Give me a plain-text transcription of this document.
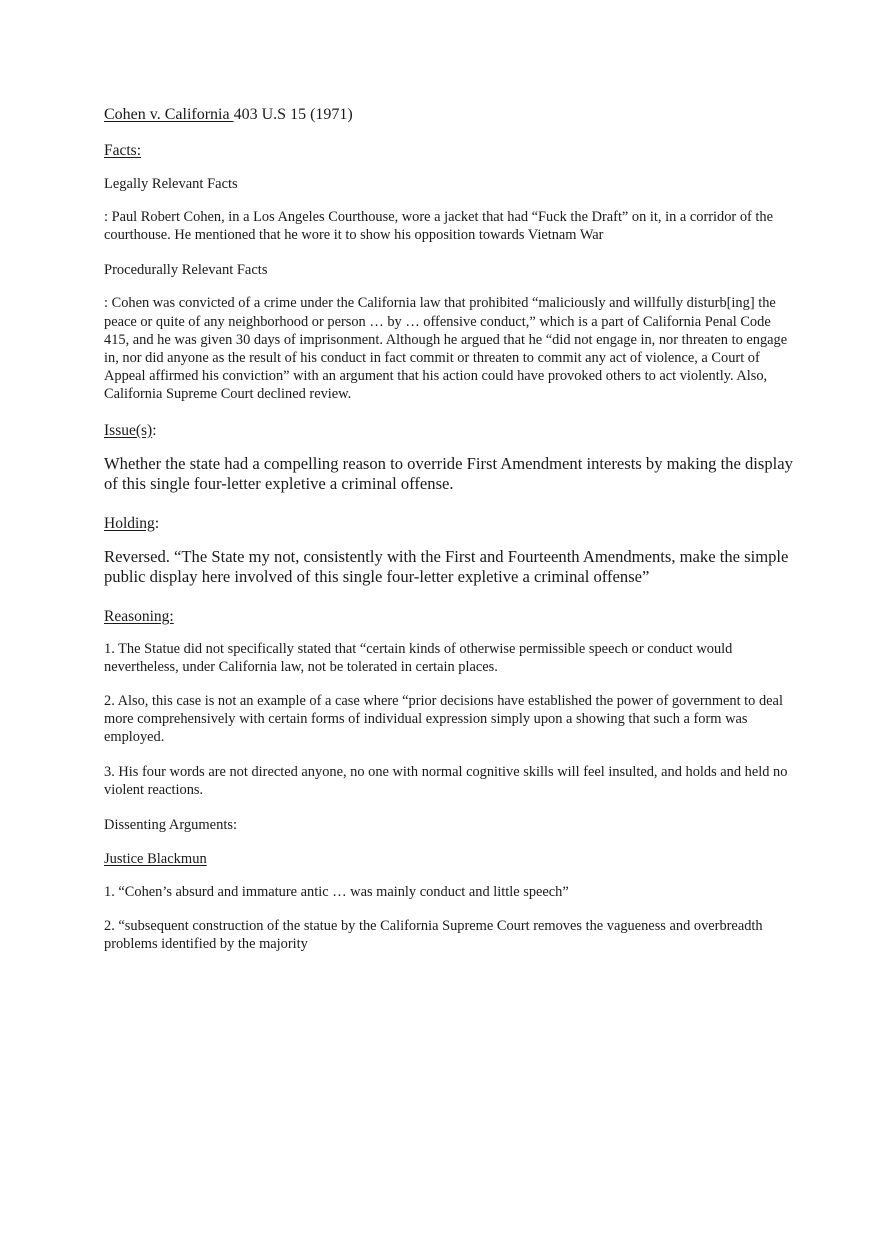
Cohen v. California 403 U.S 15 (1971)

Facts:

Legally Relevant Facts

: Paul Robert Cohen, in a Los Angeles Courthouse, wore a jacket that had “Fuck the Draft” on it, in a corridor of the courthouse. He mentioned that he wore it to show his opposition towards Vietnam War

Procedurally Relevant Facts

: Cohen was convicted of a crime under the California law that prohibited “maliciously and willfully disturb[ing] the peace or quite of any neighborhood or person … by … offensive conduct,” which is a part of California Penal Code 415, and he was given 30 days of imprisonment. Although he argued that he “did not engage in, nor threaten to engage in, nor did anyone as the result of his conduct in fact commit or threaten to commit any act of violence, a Court of Appeal affirmed his conviction” with an argument that his action could have provoked others to act violently. Also, California Supreme Court declined review.

Issue(s):

Whether the state had a compelling reason to override First Amendment interests by making the display of this single four-letter expletive a criminal offense.

Holding:

Reversed. “The State my not, consistently with the First and Fourteenth Amendments, make the simple public display here involved of this single four-letter expletive a criminal offense”

Reasoning:

1. The Statue did not specifically stated that “certain kinds of otherwise permissible speech or conduct would nevertheless, under California law, not be tolerated in certain places.

2. Also, this case is not an example of a case where “prior decisions have established the power of government to deal more comprehensively with certain forms of individual expression simply upon a showing that such a form was employed.

3. His four words are not directed anyone, no one with normal cognitive skills will feel insulted, and holds and held no violent reactions.

Dissenting Arguments:

Justice Blackmun

1. “Cohen’s absurd and immature antic … was mainly conduct and little speech”

2. “subsequent construction of the statue by the California Supreme Court removes the vagueness and overbreadth problems identified by the majority
